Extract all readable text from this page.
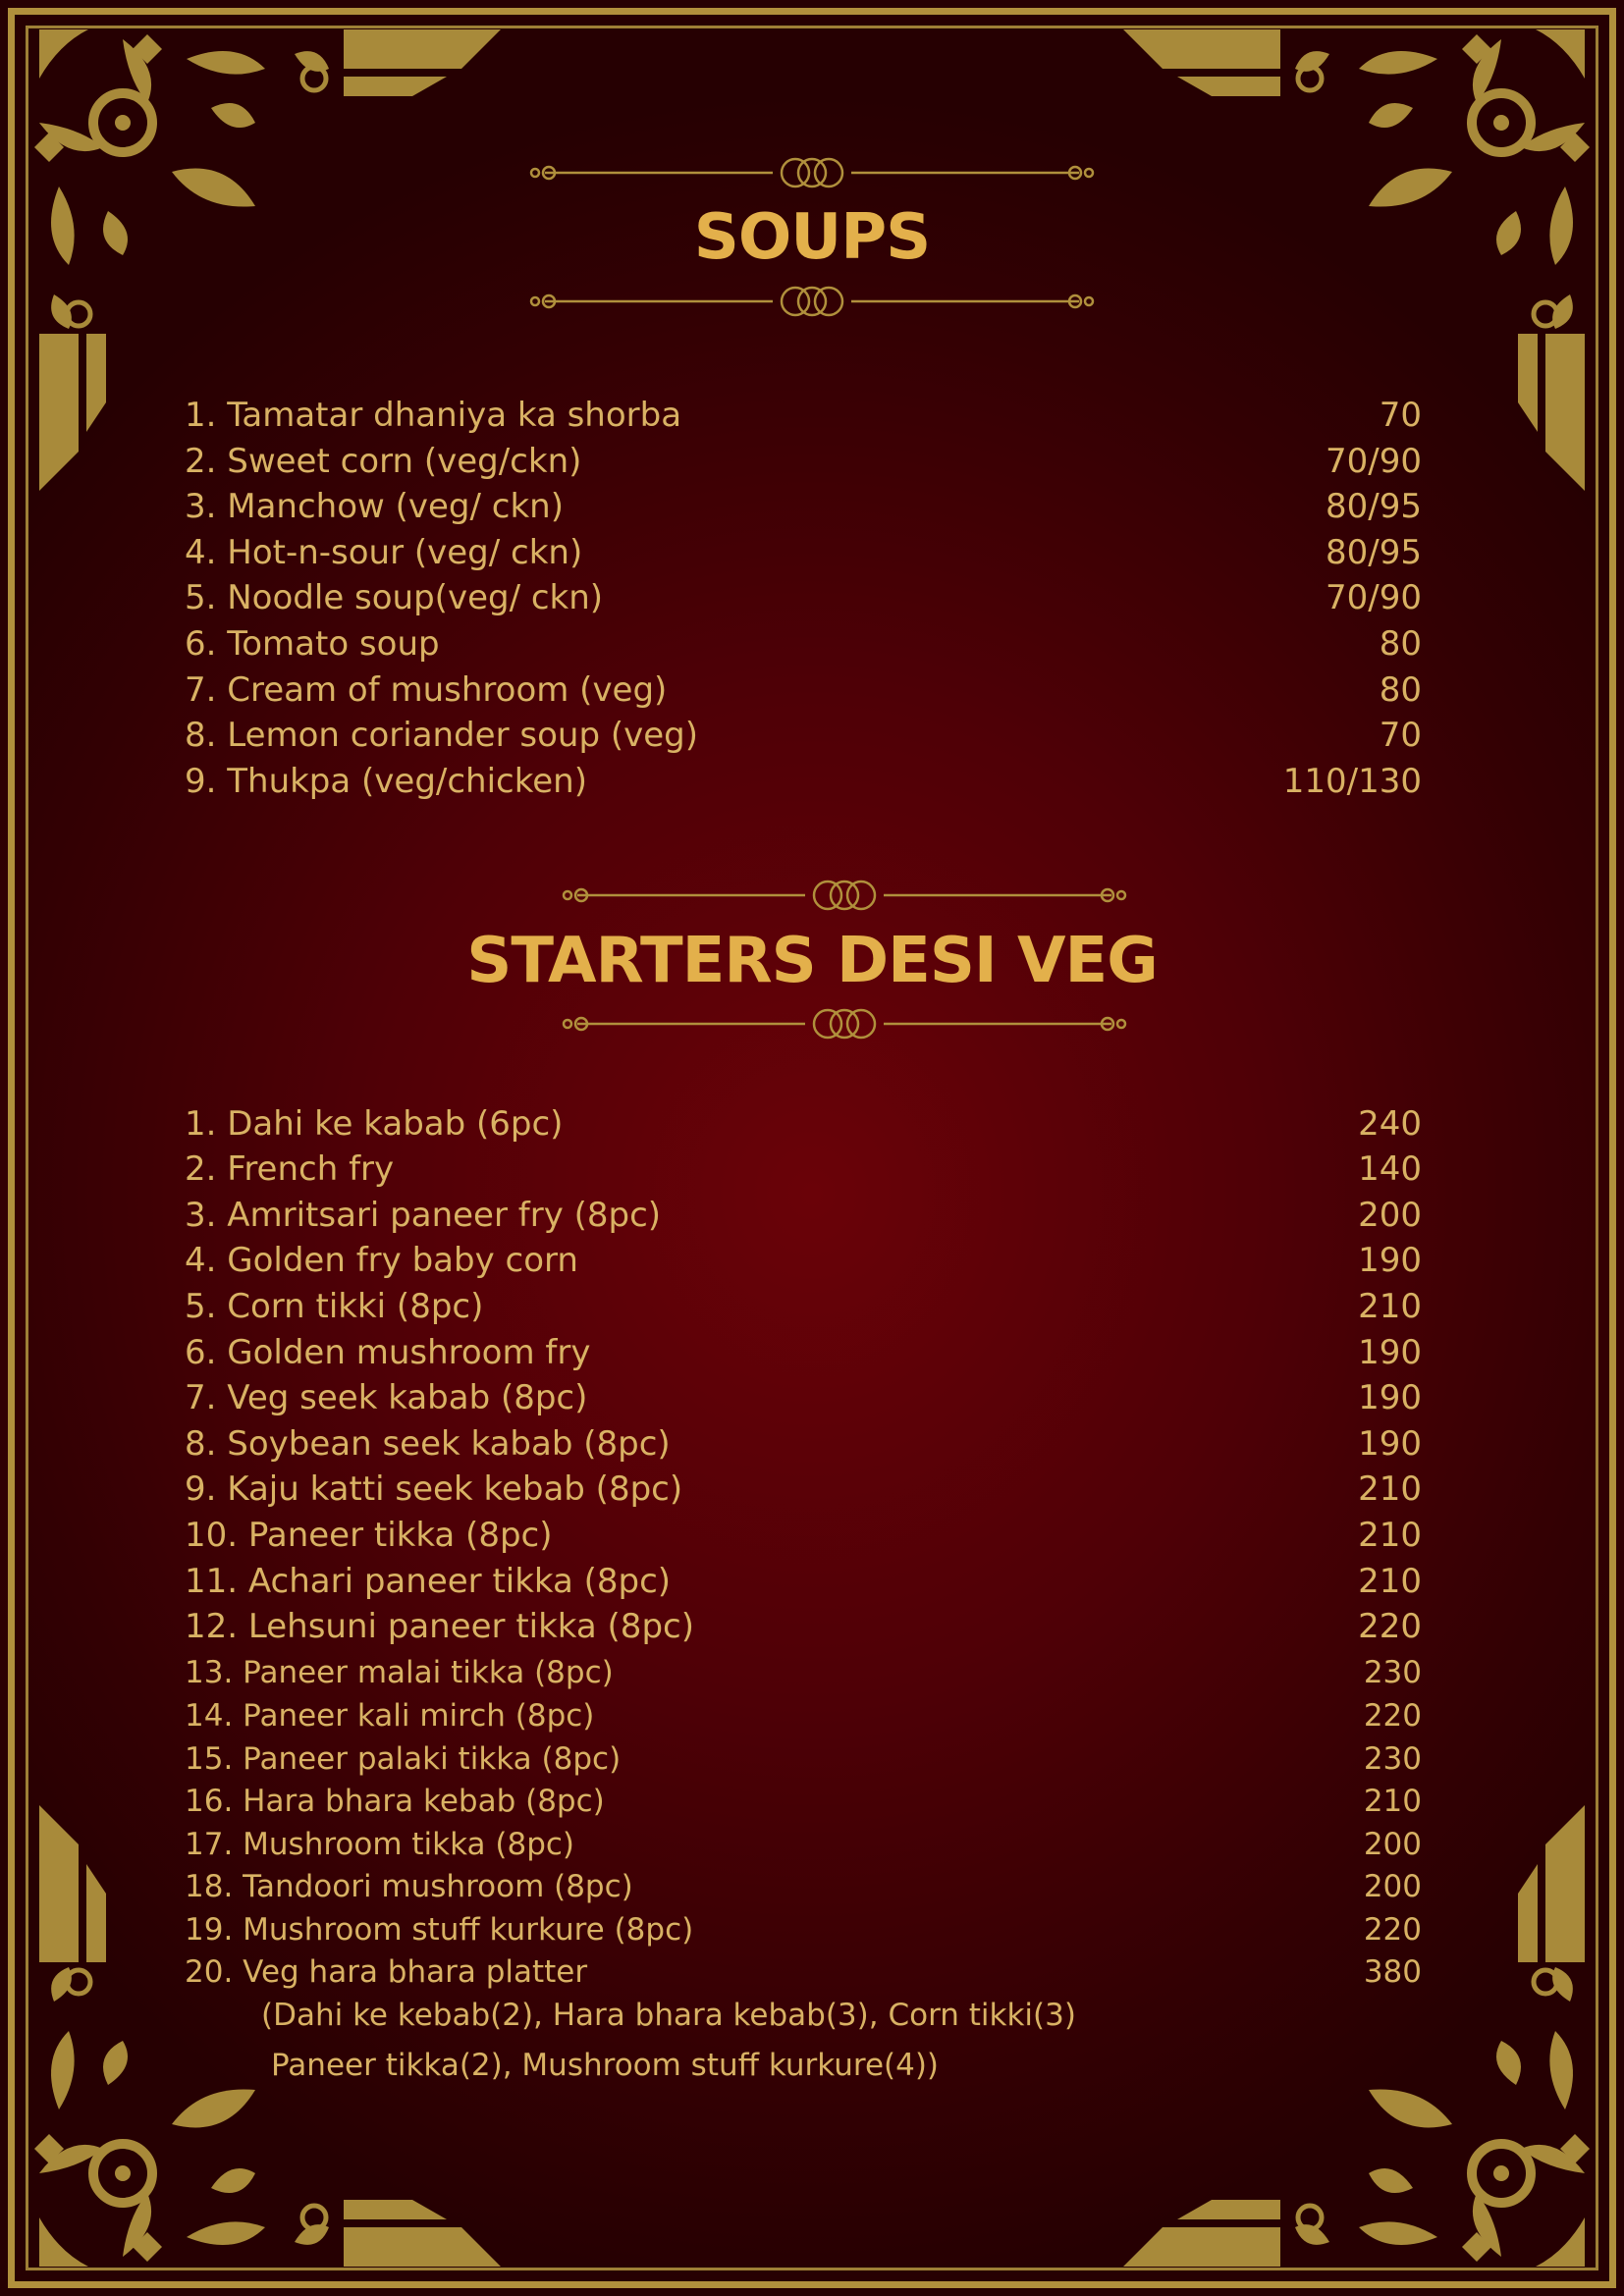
SOUPS
1. Tamatar dhaniya ka shorba	70
2. Sweet corn (veg/ckn)	70/90
3. Manchow (veg/ ckn)	80/95
4. Hot-n-sour (veg/ ckn)	80/95
5. Noodle soup(veg/ ckn)	70/90
6. Tomato soup	80
7. Cream of mushroom (veg)	80
8. Lemon coriander soup (veg)	70
9. Thukpa (veg/chicken)	110/130
STARTERS DESI VEG
1. Dahi ke kabab (6pc)	240
2. French fry	140
3. Amritsari paneer fry (8pc)	200
4. Golden fry baby corn	190
5. Corn tikki (8pc)	210
6. Golden mushroom fry	190
7. Veg seek kabab (8pc)	190
8. Soybean seek kabab (8pc)	190
9. Kaju katti seek kebab (8pc)	210
10. Paneer tikka (8pc)	210
11. Achari paneer tikka (8pc)	210
12. Lehsuni paneer tikka (8pc)	220
13. Paneer malai tikka (8pc)	230
14. Paneer kali mirch (8pc)	220
15. Paneer palaki tikka (8pc)	230
16. Hara bhara kebab (8pc)	210
17. Mushroom tikka (8pc)	200
18. Tandoori mushroom (8pc)	200
19. Mushroom stuff kurkure (8pc)	220
20. Veg hara bhara platter	380
(Dahi ke kebab(2), Hara bhara kebab(3), Corn tikki(3)
Paneer tikka(2), Mushroom stuff kurkure(4))
